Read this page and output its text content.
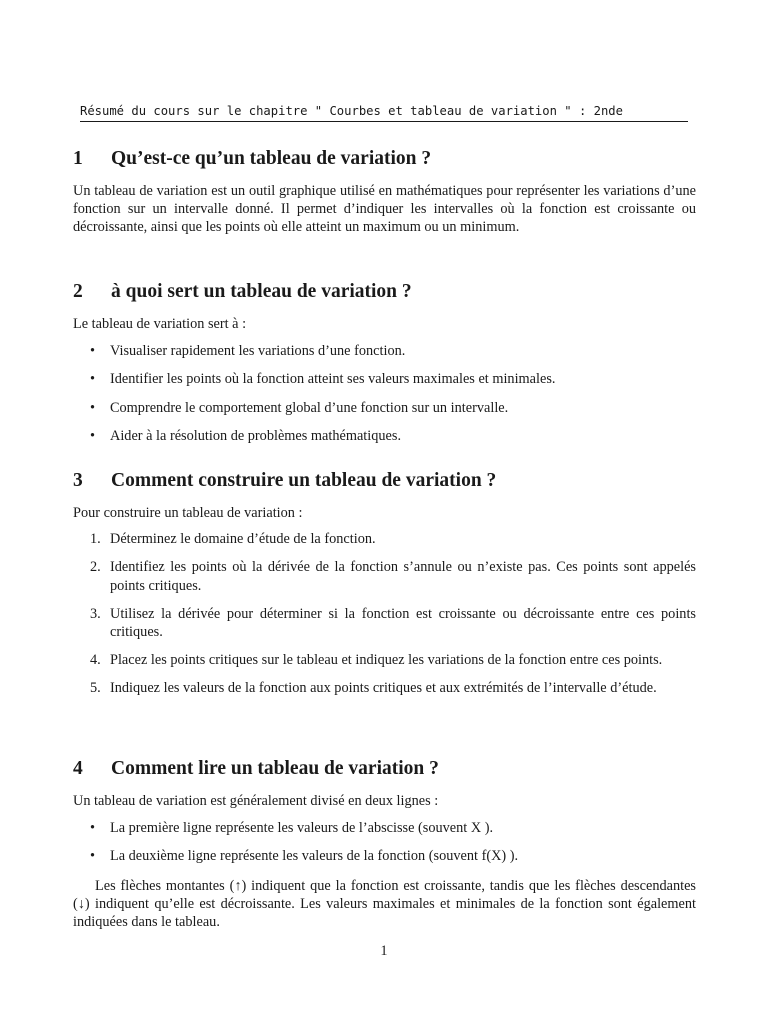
Résumé du cours sur le chapitre " Courbes et tableau de variation " : 2nde
1 Qu’est-ce qu’un tableau de variation ?

Un tableau de variation est un outil graphique utilisé en mathématiques pour représenter les variations d’une fonction sur un intervalle donné. Il permet d’indiquer les intervalles où la fonction est croissante ou décroissante, ainsi que les points où elle atteint un maximum ou un minimum.

2 à quoi sert un tableau de variation ?

Le tableau de variation sert à :

• Visualiser rapidement les variations d’une fonction.
• Identifier les points où la fonction atteint ses valeurs maximales et minimales.
• Comprendre le comportement global d’une fonction sur un intervalle.
• Aider à la résolution de problèmes mathématiques.
3 Comment construire un tableau de variation ?

Pour construire un tableau de variation :

1. Déterminez le domaine d’étude de la fonction.
2. Identifiez les points où la dérivée de la fonction s’annule ou n’existe pas. Ces points sont appelés points critiques.
3. Utilisez la dérivée pour déterminer si la fonction est croissante ou décroissante entre ces points critiques.
4. Placez les points critiques sur le tableau et indiquez les variations de la fonction entre ces points.
5. Indiquez les valeurs de la fonction aux points critiques et aux extrémités de l’intervalle d’étude.
4 Comment lire un tableau de variation ?

Un tableau de variation est généralement divisé en deux lignes :

• La première ligne représente les valeurs de l’abscisse (souvent X ).
• La deuxième ligne représente les valeurs de la fonction (souvent f(X) ).

Les flèches montantes (↑) indiquent que la fonction est croissante, tandis que les flèches descendantes (↓) indiquent qu’elle est décroissante. Les valeurs maximales et minimales de la fonction sont également indiquées dans le tableau.

1
